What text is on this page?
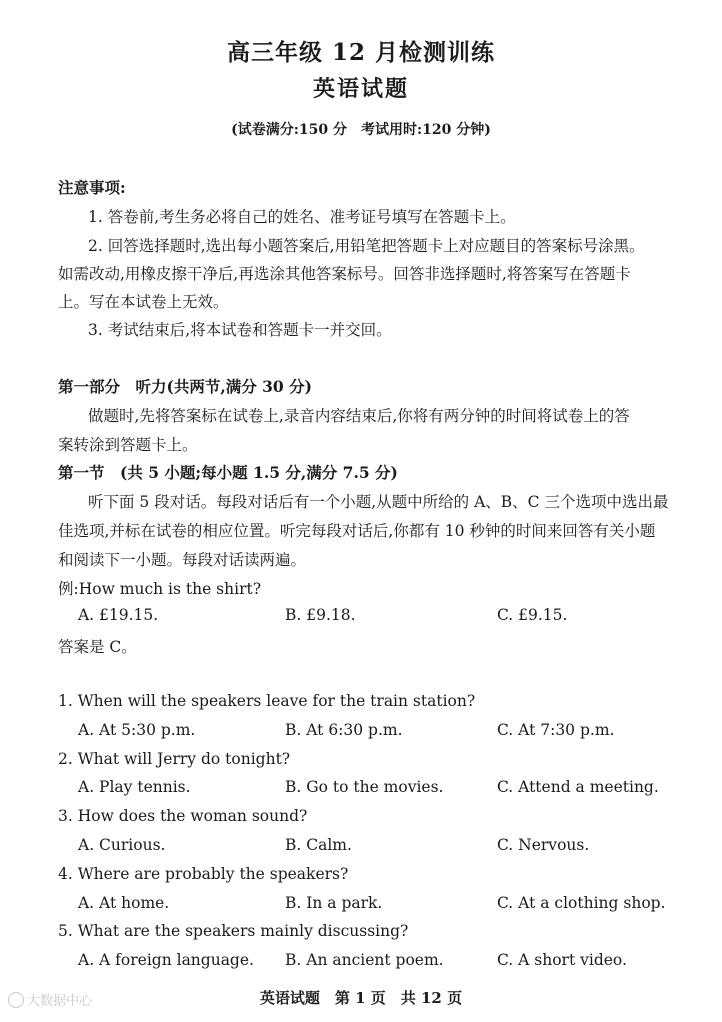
高三年级 12 月检测训练
英语试题
(试卷满分:150 分　考试用时:120 分钟)
注意事项:
1. 答卷前,考生务必将自己的姓名、准考证号填写在答题卡上。
2. 回答选择题时,选出每小题答案后,用铅笔把答题卡上对应题目的答案标号涂黑。
如需改动,用橡皮擦干净后,再选涂其他答案标号。回答非选择题时,将答案写在答题卡
上。写在本试卷上无效。
3. 考试结束后,将本试卷和答题卡一并交回。
第一部分　听力(共两节,满分 30 分)
做题时,先将答案标在试卷上,录音内容结束后,你将有两分钟的时间将试卷上的答
案转涂到答题卡上。
第一节　(共 5 小题;每小题 1.5 分,满分 7.5 分)
听下面 5 段对话。每段对话后有一个小题,从题中所给的 A、B、C 三个选项中选出最
佳选项,并标在试卷的相应位置。听完每段对话后,你都有 10 秒钟的时间来回答有关小题
和阅读下一小题。每段对话读两遍。
例:How much is the shirt?
A. £19.15.	B. £9.18.	C. £9.15.
答案是 C。
1. When will the speakers leave for the train station?
A. At 5:30 p.m.	B. At 6:30 p.m.	C. At 7:30 p.m.
2. What will Jerry do tonight?
A. Play tennis.	B. Go to the movies.	C. Attend a meeting.
3. How does the woman sound?
A. Curious.	B. Calm.	C. Nervous.
4. Where are probably the speakers?
A. At home.	B. In a park.	C. At a clothing shop.
5. What are the speakers mainly discussing?
A. A foreign language. B. An ancient poem.	C. A short video.
英语试题　第 1 页　共 12 页
大数据中心
